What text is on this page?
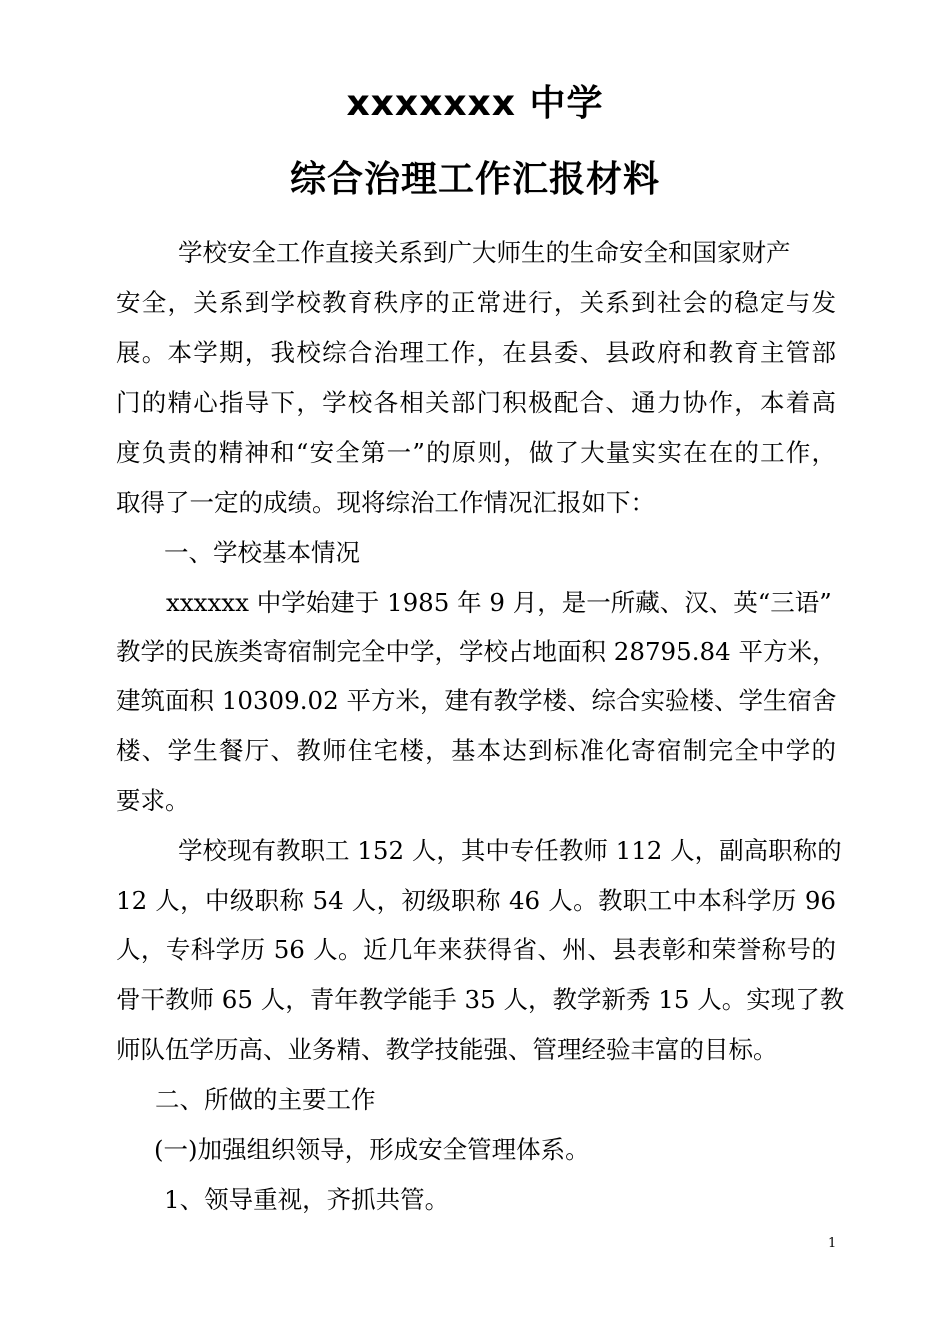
xxxxxxx 中学
综合治理工作汇报材料
学校安全工作直接关系到广大师生的生命安全和国家财产
安全，关系到学校教育秩序的正常进行，关系到社会的稳定与发
展。本学期，我校综合治理工作，在县委、县政府和教育主管部
门的精心指导下，学校各相关部门积极配合、通力协作，本着高
度负责的精神和“安全第一”的原则，做了大量实实在在的工作，
取得了一定的成绩。现将综治工作情况汇报如下：
一、学校基本情况
xxxxxx 中学始建于 1985 年 9 月，是一所藏、汉、英“三语”
教学的民族类寄宿制完全中学，学校占地面积 28795.84 平方米，
建筑面积 10309.02 平方米，建有教学楼、综合实验楼、学生宿舍
楼、学生餐厅、教师住宅楼，基本达到标准化寄宿制完全中学的
要求。
学校现有教职工 152 人，其中专任教师 112 人，副高职称的
12 人，中级职称 54 人，初级职称 46 人。教职工中本科学历 96
人，专科学历 56 人。近几年来获得省、州、县表彰和荣誉称号的
骨干教师 65 人，青年教学能手 35 人，教学新秀 15 人。实现了教
师队伍学历高、业务精、教学技能强、管理经验丰富的目标。
二、所做的主要工作
(一)加强组织领导，形成安全管理体系。
1、领导重视，齐抓共管。
1
